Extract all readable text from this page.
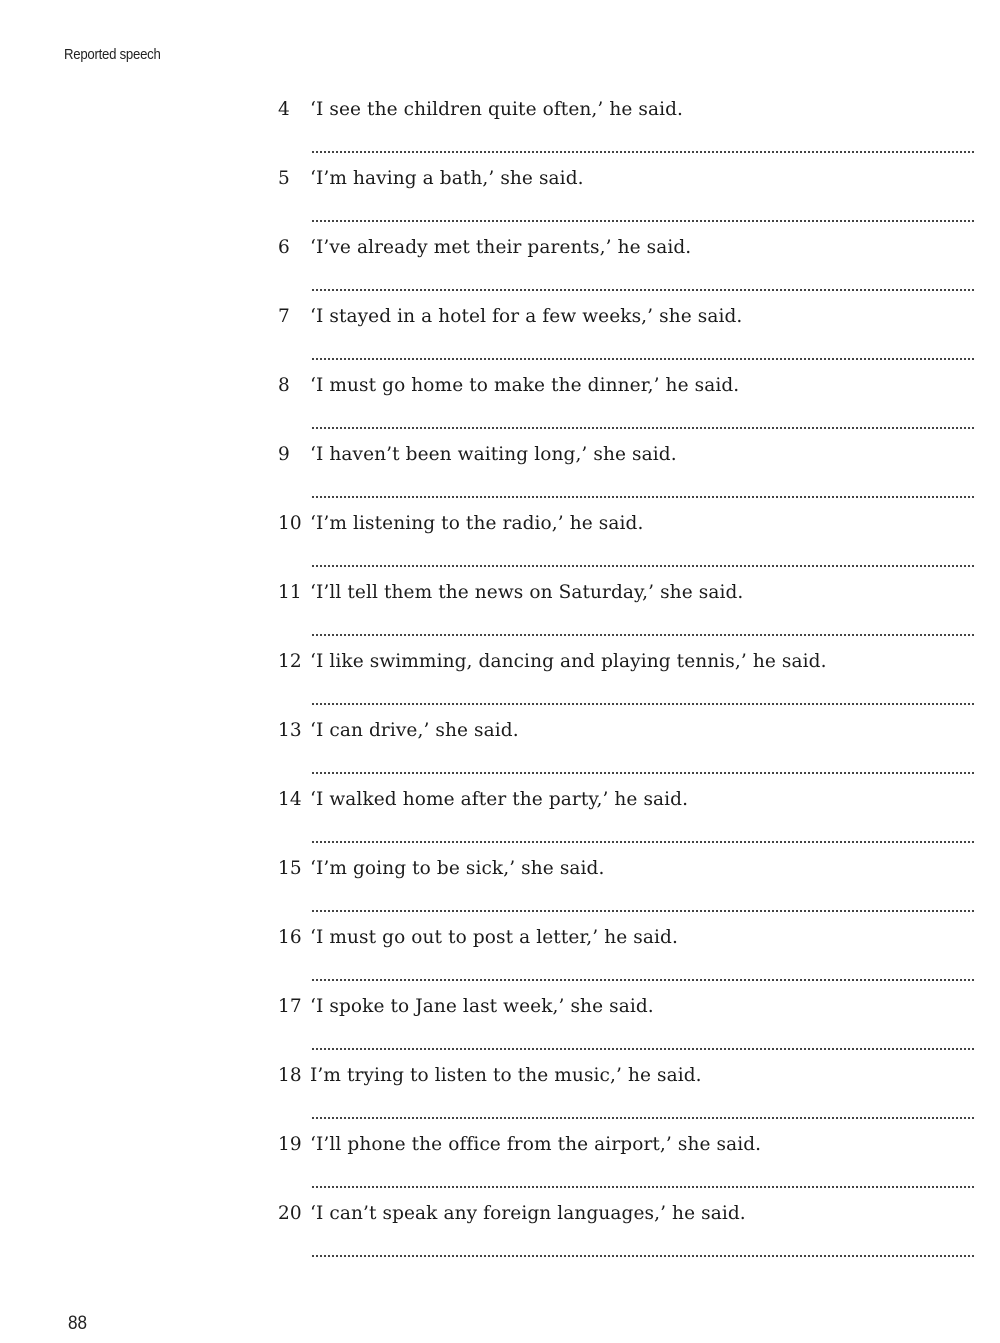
Reported speech
4	‘I see the children quite often,’ he said.
5	‘I’m having a bath,’ she said.
6	‘I’ve already met their parents,’ he said.
7	‘I stayed in a hotel for a few weeks,’ she said.
8	‘I must go home to make the dinner,’ he said.
9	‘I haven’t been waiting long,’ she said.
10 ‘I’m listening to the radio,’ he said.
11 ‘I’ll tell them the news on Saturday,’ she said.
12 ‘I like swimming, dancing and playing tennis,’ he said.
13 ‘I can drive,’ she said.
14 ‘I walked home after the party,’ he said.
15 ‘I’m going to be sick,’ she said.
16 ‘I must go out to post a letter,’ he said.
17 ‘I spoke to Jane last week,’ she said.
18 I’m trying to listen to the music,’ he said.
19 ‘I’ll phone the office from the airport,’ she said.
20 ‘I can’t speak any foreign languages,’ he said.
88
